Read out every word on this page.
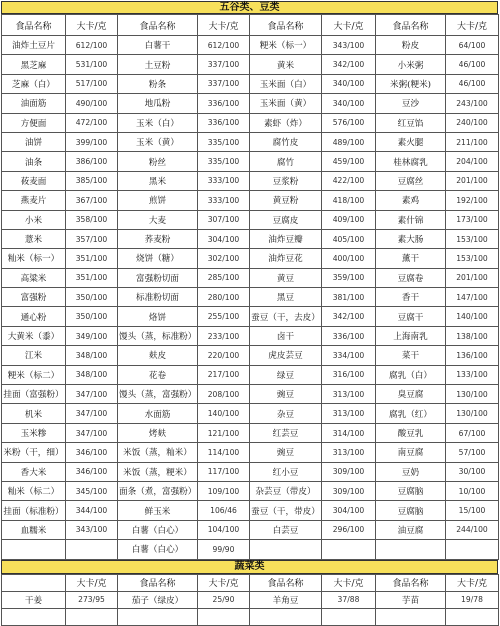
五谷类、豆类
食品名称	大卡/克	食品名称	大卡/克	食品名称	大卡/克	食品名称	大卡/克
油炸土豆片	612/100	白薯干	612/100	粳米（标一）	343/100	粉皮	64/100
黑芝麻	531/100	土豆粉	337/100	黄米	342/100	小米粥	46/100
芝麻（白）	517/100	粉条	337/100	玉米面（白）	340/100	米粥(粳米)	46/100
油面筋	490/100	地瓜粉	336/100	玉米面（黄）	340/100	豆沙	243/100
方便面	472/100	玉米（白）	336/100	素虾（炸）	576/100	红豆馅	240/100
油饼	399/100	玉米（黄）	335/100	腐竹皮	489/100	素火腿	211/100
油条	386/100	粉丝	335/100	腐竹	459/100	桂林腐乳	204/100
莜麦面	385/100	黑米	333/100	豆浆粉	422/100	豆腐丝	201/100
燕麦片	367/100	煎饼	333/100	黄豆粉	418/100	素鸡	192/100
小米	358/100	大麦	307/100	豆腐皮	409/100	素什锦	173/100
薏米	357/100	荞麦粉	304/100	油炸豆瓣	405/100	素大肠	153/100
籼米（标一）	351/100	烧饼（糖）	302/100	油炸豆花	400/100	薰干	153/100
高粱米	351/100	富强粉切面	285/100	黄豆	359/100	豆腐卷	201/100
富强粉	350/100	标准粉切面	280/100	黑豆	381/100	香干	147/100
通心粉	350/100	烙饼	255/100	蚕豆（干，去皮）	342/100	豆腐干	140/100
大黄米（黍）	349/100	馒头（蒸，标准粉）	233/100	卤干	336/100	上海南乳	138/100
江米	348/100	麸皮	220/100	虎皮芸豆	334/100	菜干	136/100
粳米（标二）	348/100	花卷	217/100	绿豆	316/100	腐乳（白）	133/100
挂面（富强粉）	347/100	馒头（蒸，富强粉）	208/100	豌豆	313/100	臭豆腐	130/100
机米	347/100	水面筋	140/100	杂豆	313/100	腐乳（红）	130/100
玉米糁	347/100	烤麸	121/100	红芸豆	314/100	酸豆乳	67/100
米粉（干，细）	346/100	米饭（蒸，籼米）	114/100	豌豆	313/100	南豆腐	57/100
香大米	346/100	米饭（蒸，粳米）	117/100	红小豆	309/100	豆奶	30/100
籼米（标二）	345/100	面条（煮，富强粉）	109/100	杂芸豆（带皮）	309/100	豆腐脑	10/100
挂面（标准粉）	344/100	鲜玉米	106/46	蚕豆（干，带皮）	304/100	豆腐脑	15/100
血糯米	343/100	白薯（白心）	104/100	白芸豆	296/100	油豆腐	244/100
		白薯（白心）	99/90				
蔬菜类
	大卡/克	食品名称	大卡/克	食品名称	大卡/克	食品名称	大卡/克
干姜	273/95	茄子（绿皮）	25/90	羊角豆	37/88	芋苗	19/78
